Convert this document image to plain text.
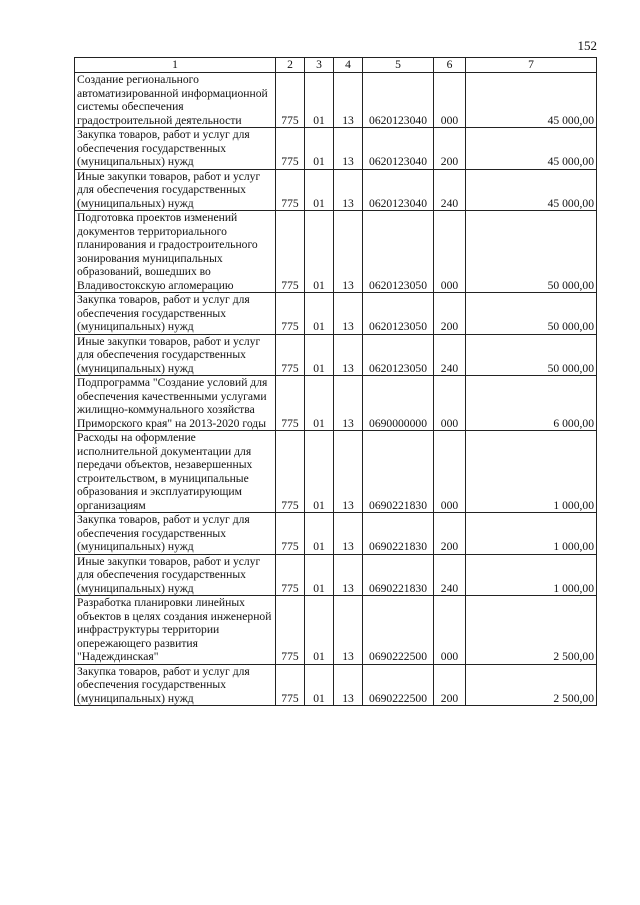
152
1	2	3	4	5	6	7
Создание регионального автоматизированной информационной системы обеспечения градостроительной деятельности	775	01	13	0620123040	000	45 000,00
Закупка товаров, работ и услуг для обеспечения государственных (муниципальных) нужд	775	01	13	0620123040	200	45 000,00
Иные закупки товаров, работ и услуг для обеспечения государственных (муниципальных) нужд	775	01	13	0620123040	240	45 000,00
Подготовка проектов изменений документов территориального планирования и градостроительного зонирования муниципальных образований, вошедших во Владивостокскую агломерацию	775	01	13	0620123050	000	50 000,00
Закупка товаров, работ и услуг для обеспечения государственных (муниципальных) нужд	775	01	13	0620123050	200	50 000,00
Иные закупки товаров, работ и услуг для обеспечения государственных (муниципальных) нужд	775	01	13	0620123050	240	50 000,00
Подпрограмма "Создание условий для обеспечения качественными услугами жилищно-коммунального хозяйства Приморского края" на 2013-2020 годы	775	01	13	0690000000	000	6 000,00
Расходы на оформление исполнительной документации для передачи объектов, незавершенных строительством, в муниципальные образования и эксплуатирующим организациям	775	01	13	0690221830	000	1 000,00
Закупка товаров, работ и услуг для обеспечения государственных (муниципальных) нужд	775	01	13	0690221830	200	1 000,00
Иные закупки товаров, работ и услуг для обеспечения государственных (муниципальных) нужд	775	01	13	0690221830	240	1 000,00
Разработка планировки линейных объектов в целях создания инженерной инфраструктуры территории опережающего развития "Надеждинская"	775	01	13	0690222500	000	2 500,00
Закупка товаров, работ и услуг для обеспечения государственных (муниципальных) нужд	775	01	13	0690222500	200	2 500,00
